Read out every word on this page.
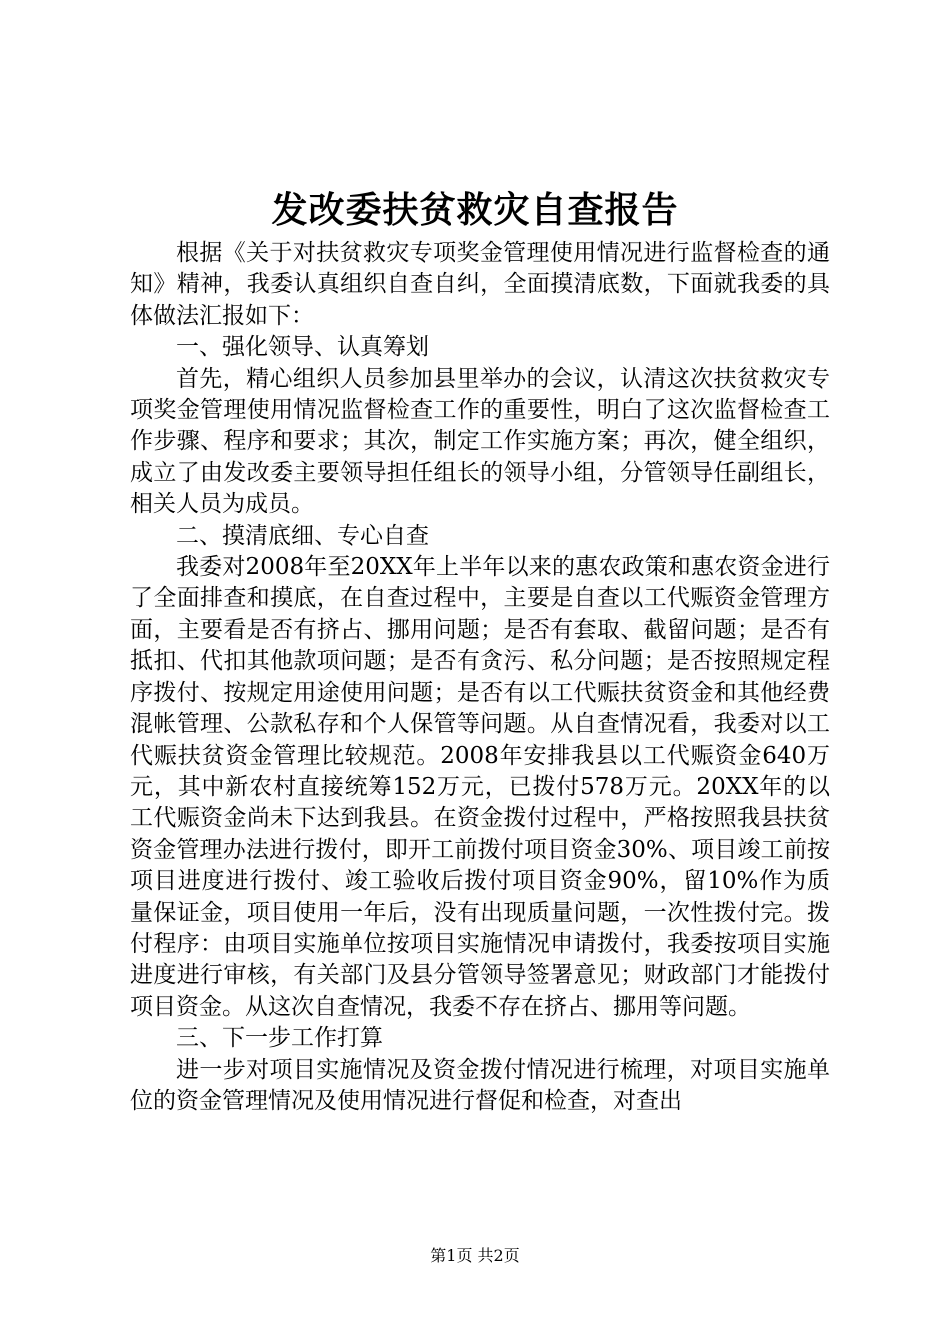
发改委扶贫救灾自查报告

根据《关于对扶贫救灾专项奖金管理使用情况进行监督检查的通知》精神，我委认真组织自查自纠，全面摸清底数，下面就我委的具体做法汇报如下：

一、强化领导、认真筹划

首先，精心组织人员参加县里举办的会议，认清这次扶贫救灾专项奖金管理使用情况监督检查工作的重要性，明白了这次监督检查工作步骤、程序和要求；其次，制定工作实施方案；再次，健全组织，成立了由发改委主要领导担任组长的领导小组，分管领导任副组长，相关人员为成员。

二、摸清底细、专心自查

我委对2008年至20XX年上半年以来的惠农政策和惠农资金进行了全面排查和摸底，在自查过程中，主要是自查以工代赈资金管理方面，主要看是否有挤占、挪用问题；是否有套取、截留问题；是否有抵扣、代扣其他款项问题；是否有贪污、私分问题；是否按照规定程序拨付、按规定用途使用问题；是否有以工代赈扶贫资金和其他经费混帐管理、公款私存和个人保管等问题。从自查情况看，我委对以工代赈扶贫资金管理比较规范。2008年安排我县以工代赈资金640万元，其中新农村直接统筹152万元，已拨付578万元。20XX年的以工代赈资金尚未下达到我县。在资金拨付过程中，严格按照我县扶贫资金管理办法进行拨付，即开工前拨付项目资金30%、项目竣工前按项目进度进行拨付、竣工验收后拨付项目资金90%，留10%作为质量保证金，项目使用一年后，没有出现质量问题，一次性拨付完。拨付程序：由项目实施单位按项目实施情况申请拨付，我委按项目实施进度进行审核，有关部门及县分管领导签署意见；财政部门才能拨付项目资金。从这次自查情况，我委不存在挤占、挪用等问题。

三、下一步工作打算

进一步对项目实施情况及资金拨付情况进行梳理，对项目实施单位的资金管理情况及使用情况进行督促和检查，对查出

第1页 共2页
